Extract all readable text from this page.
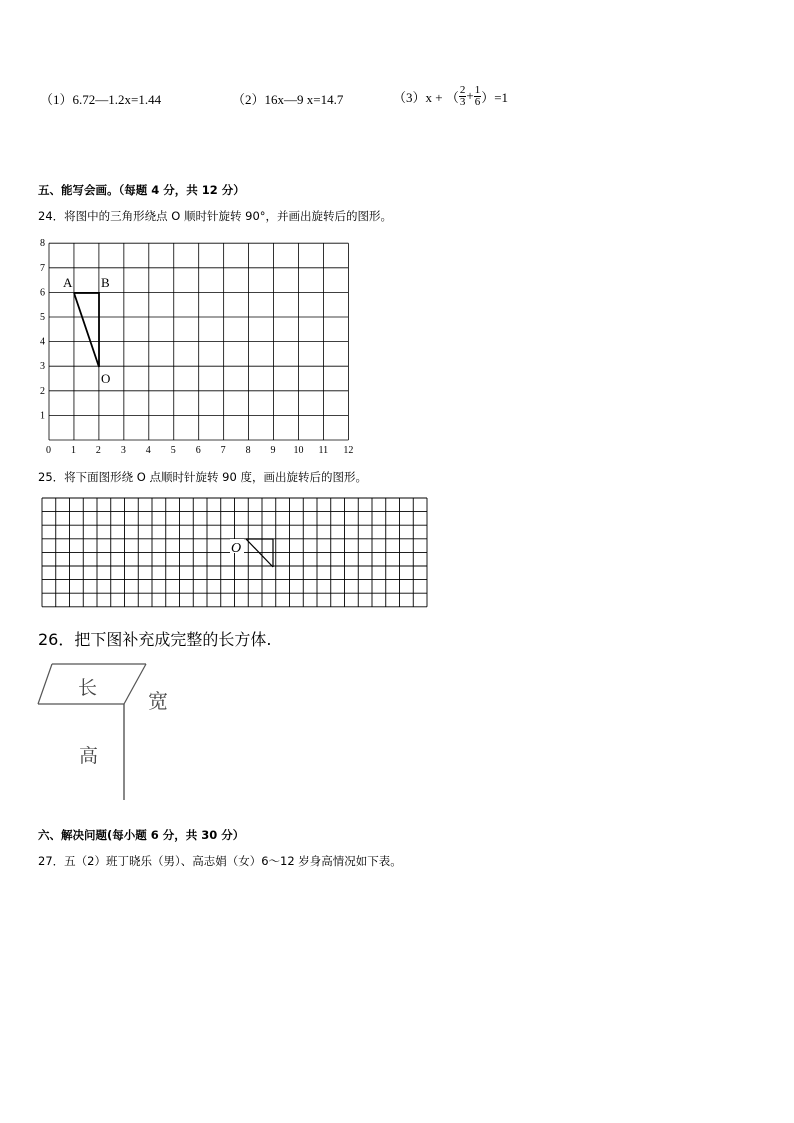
（1）6.72—1.2x=1.44	（2）16x—9 x=14.7	（3）x + （ $\frac{2}{3} + \frac{1}{6} )=1$
五、能写会画。（每题 4 分，共 12 分）
24．将图中的三角形绕点 O 顺时针旋转 90°，并画出旋转后的图形。
0 1 2 3 4 5 6 7 8 9 10 11 12
1
2
3
4
5
6
7
8
A B
O
25．将下面图形绕 O 点顺时针旋转 90 度，画出旋转后的图形。
O
26．把下图补充成完整的长方体.
长
宽
高
六、解决问题(每小题 6 分，共 30 分）
27．五（2）班丁晓乐（男）、高志娟（女）6～12 岁身高情况如下表。
